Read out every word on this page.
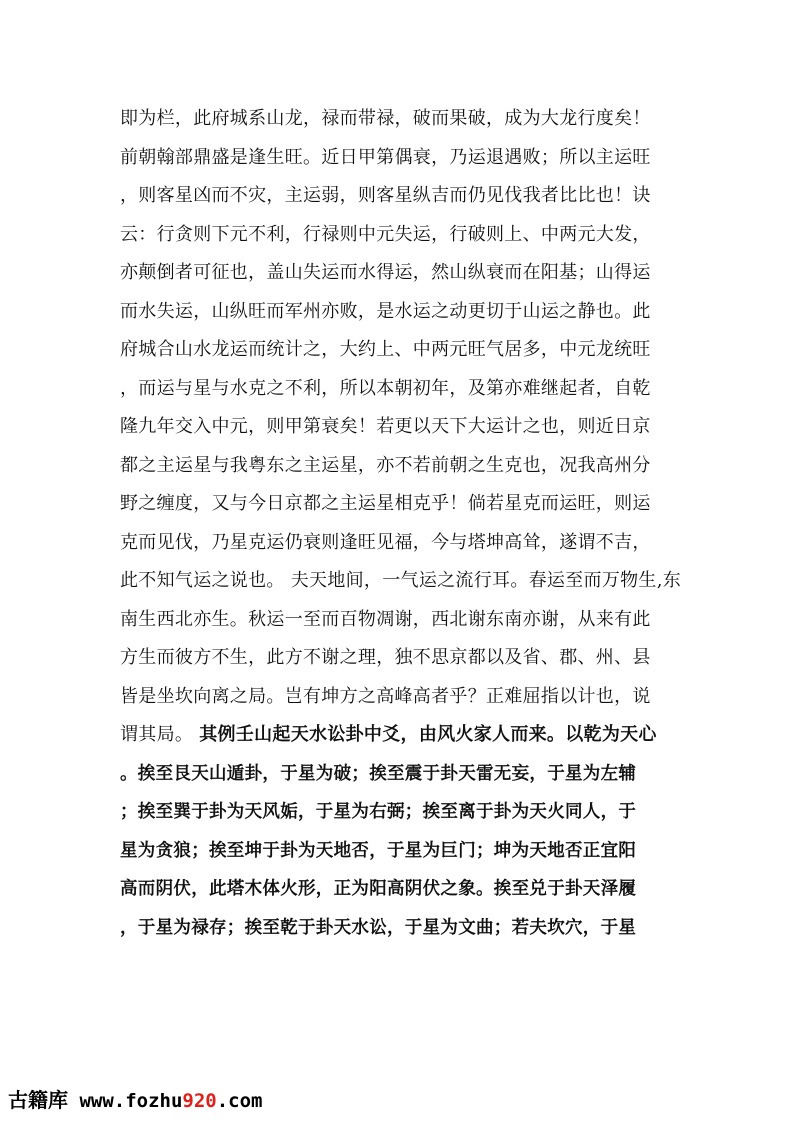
即为栏，此府城系山龙，禄而带禄，破而果破，成为大龙行度矣！
前朝翰部鼎盛是逢生旺。近日甲第偶衰，乃运退遇败；所以主运旺
，则客星凶而不灾，主运弱，则客星纵吉而仍见伐我者比比也！诀
云：行贪则下元不利，行禄则中元失运，行破则上、中两元大发，
亦颠倒者可征也，盖山失运而水得运，然山纵衰而在阳基；山得运
而水失运，山纵旺而军州亦败，是水运之动更切于山运之静也。此
府城合山水龙运而统计之，大约上、中两元旺气居多，中元龙统旺
，而运与星与水克之不利，所以本朝初年，及第亦难继起者，自乾
隆九年交入中元，则甲第衰矣！若更以天下大运计之也，则近日京
都之主运星与我粤东之主运星，亦不若前朝之生克也，况我高州分
野之缠度，又与今日京都之主运星相克乎！倘若星克而运旺，则运
克而见伐，乃星克运仍衰则逢旺见福，今与塔坤高耸，遂谓不吉，
此不知气运之说也。 夫天地间，一气运之流行耳。春运至而万物生,东
南生西北亦生。秋运一至而百物凋谢，西北谢东南亦谢，从来有此
方生而彼方不生，此方不谢之理，独不思京都以及省、郡、州、县
皆是坐坎向离之局。岂有坤方之高峰高者乎？正难屈指以计也，说
谓其局。 其例壬山起天水讼卦中爻，由风火家人而来。以乾为天心
。挨至艮天山遁卦，于星为破；挨至震于卦天雷无妄，于星为左辅
；挨至巽于卦为天风姤，于星为右弼；挨至离于卦为天火同人，于
星为贪狼；挨至坤于卦为天地否，于星为巨门；坤为天地否正宜阳
高而阴伏，此塔木体火形，正为阳高阴伏之象。挨至兑于卦天泽履
，于星为禄存；挨至乾于卦天水讼，于星为文曲；若夫坎穴，于星
古籍库 www.fozhu920.com
